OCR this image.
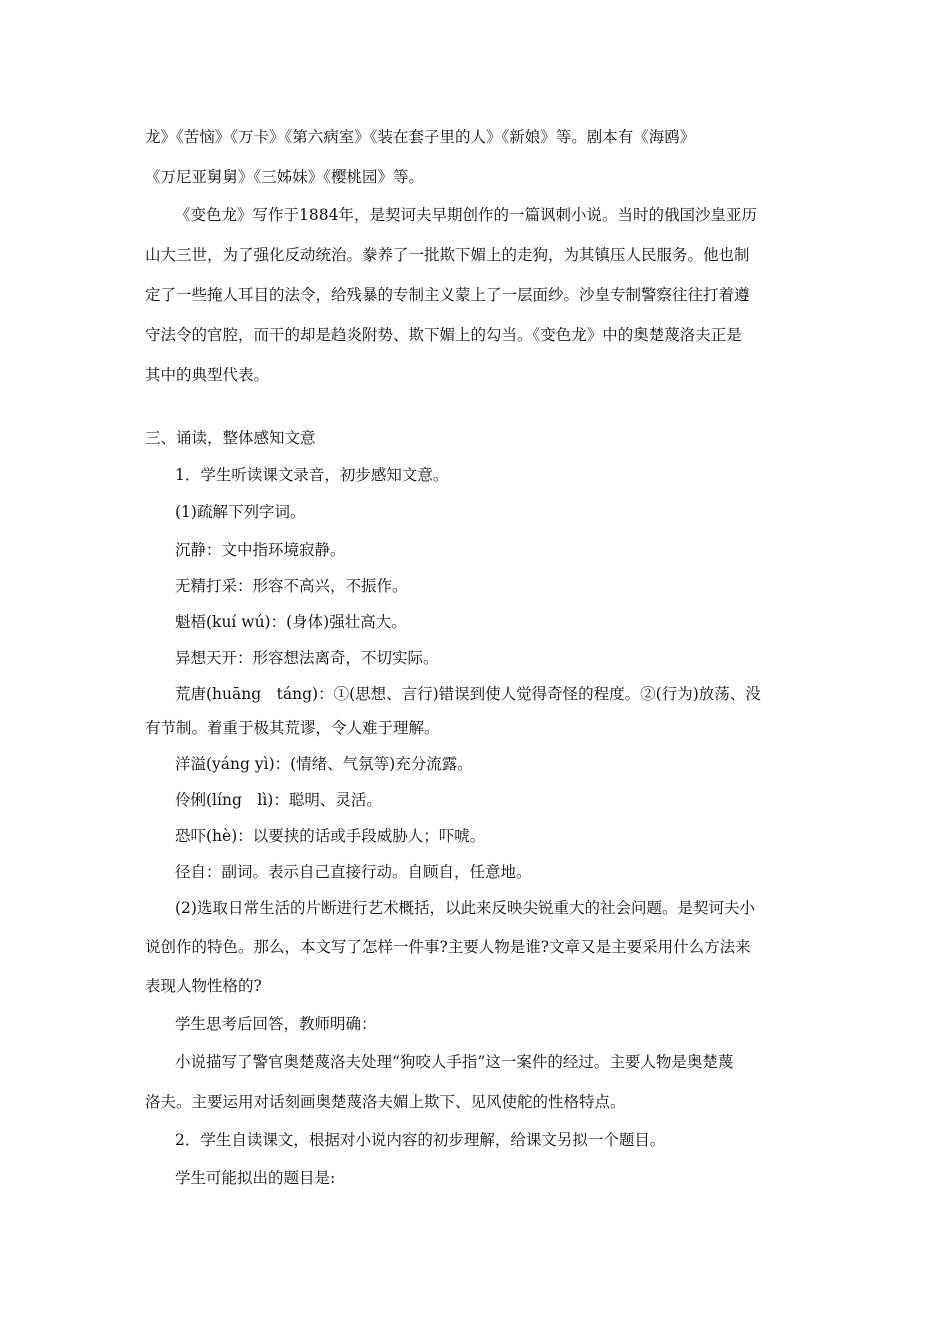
龙》《苦恼》《万卡》《第六病室》《装在套子里的人》《新娘》等。剧本有《海鸥》
《万尼亚舅舅》《三姊妹》《樱桃园》等。
《变色龙》写作于1884年，是契诃夫早期创作的一篇讽刺小说。当时的俄国沙皇亚历
山大三世，为了强化反动统治。豢养了一批欺下媚上的走狗，为其镇压人民服务。他也制
定了一些掩人耳目的法令，给残暴的专制主义蒙上了一层面纱。沙皇专制警察往往打着遵
守法令的官腔，而干的却是趋炎附势、欺下媚上的勾当。《变色龙》中的奥楚蔑洛夫正是
其中的典型代表。
三、诵读，整体感知文意
1．学生听读课文录音，初步感知文意。
(1)疏解下列字词。
沉静：文中指环境寂静。
无精打采：形容不高兴，不振作。
魁梧(kuí wú)：(身体)强壮高大。
异想天开：形容想法离奇，不切实际。
荒唐(huāng　táng)：①(思想、言行)错误到使人觉得奇怪的程度。②(行为)放荡、没
有节制。着重于极其荒谬，令人难于理解。
洋溢(yáng yì)：(情绪、气氛等)充分流露。
伶俐(líng　lì)：聪明、灵活。
恐吓(hè)：以要挟的话或手段威胁人；吓唬。
径自：副词。表示自己直接行动。自顾自，任意地。
(2)选取日常生活的片断进行艺术概括，以此来反映尖锐重大的社会问题。是契诃夫小
说创作的特色。那么，本文写了怎样一件事?主要人物是谁?文章又是主要采用什么方法来
表现人物性格的?
学生思考后回答，教师明确：
小说描写了警官奥楚蔑洛夫处理“狗咬人手指”这一案件的经过。主要人物是奥楚蔑
洛夫。主要运用对话刻画奥楚蔑洛夫媚上欺下、见风使舵的性格特点。
2．学生自读课文，根据对小说内容的初步理解，给课文另拟一个题目。
学生可能拟出的题目是:
